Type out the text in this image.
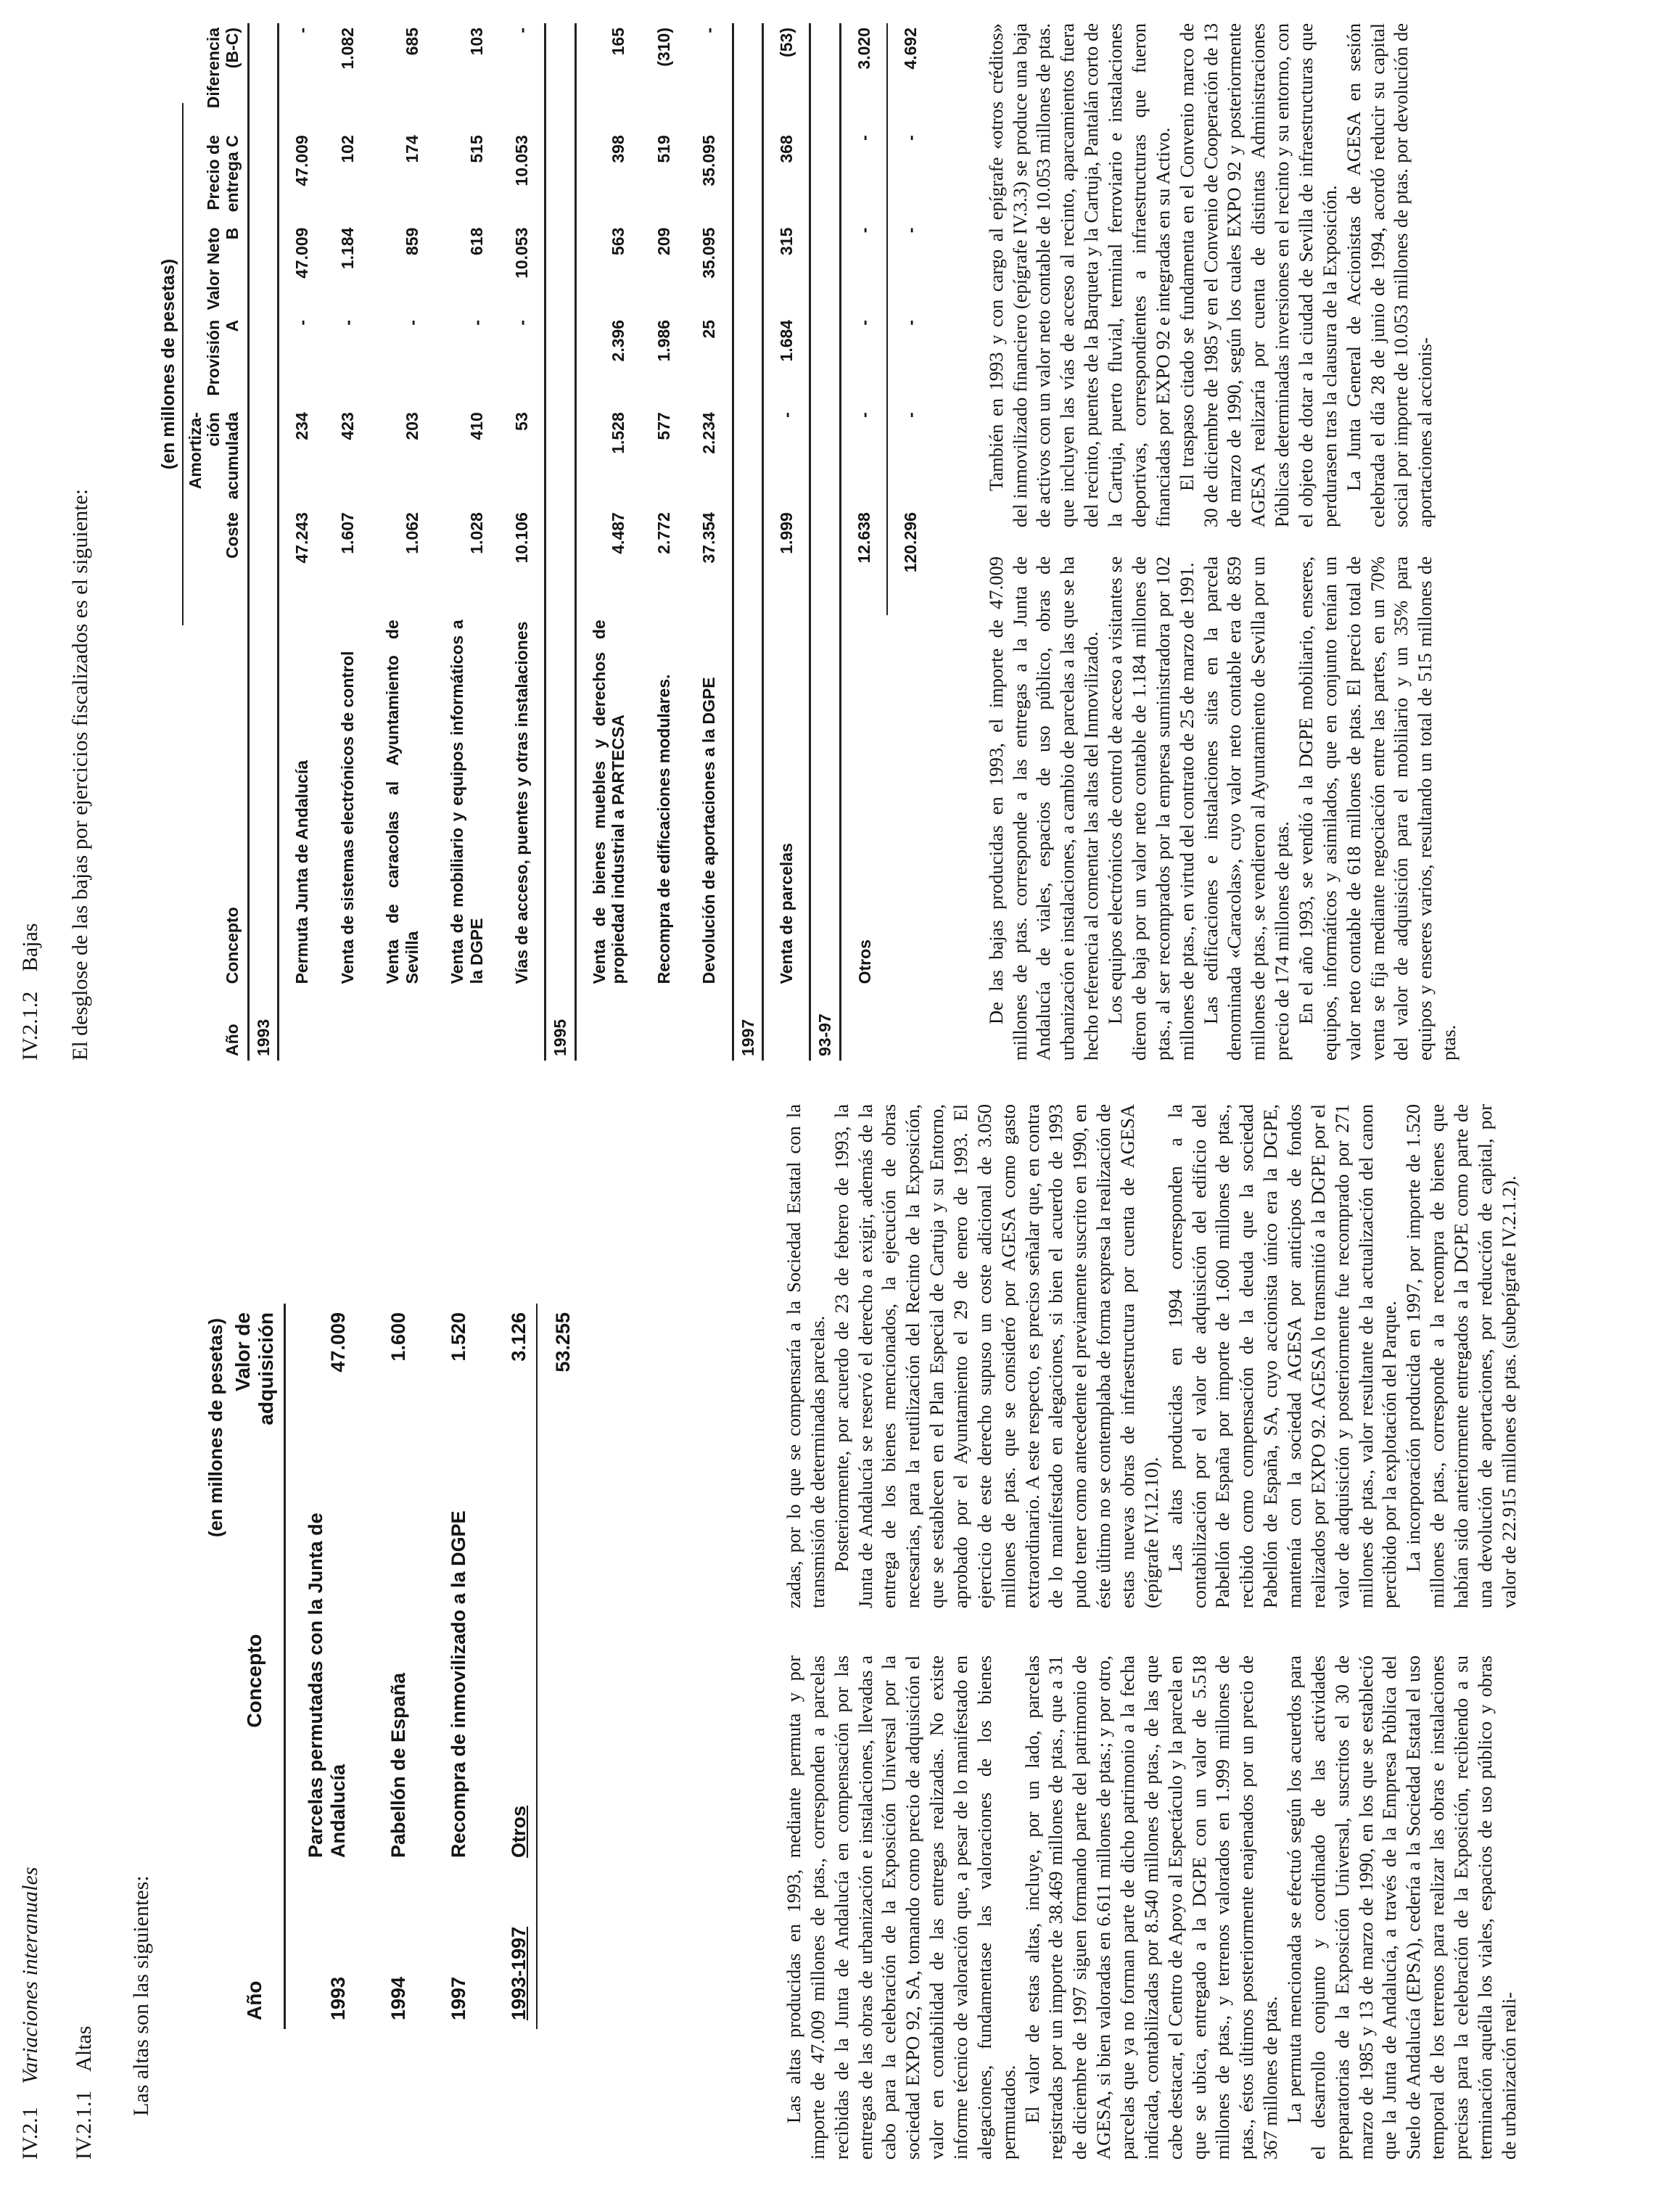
IV.2.1 Variaciones interanuales
IV.2.1.1 Altas Las altas son las siguientes:
(en millones de pesetas)
Año	Concepto	Valor de adquisición
1993	Parcelas permutadas con la Junta de Andalucía	47.009
1994	Pabellón de España	1.600
1997	Recompra de inmovilizado a la DGPE	1.520
1993-1997	Otros	3.126
		53.255

Las altas producidas en 1993, mediante permuta y por importe de 47.009 millones de ptas., corresponden a parcelas recibidas de la Junta de Andalucía en compensación por las entregas de las obras de urbanización e instalaciones, llevadas a cabo para la celebración de la Exposición Universal por la sociedad EXPO 92, SA, tomando como precio de adquisición el valor en contabilidad de las entregas realizadas. No existe informe técnico de valoración que, a pesar de lo manifestado en alegaciones, fundamentase las valoraciones de los bienes permutados. El valor de estas altas, incluye, por un lado, parcelas registradas por un importe de 38.469 millones de ptas., que a 31 de diciembre de 1997 siguen formando parte del patrimonio de AGESA, si bien valoradas en 6.611 millones de ptas.; y por otro, parcelas que ya no forman parte de dicho patrimonio a la fecha indicada, contabilizadas por 8.540 millones de ptas., de las que cabe destacar, el Centro de Apoyo al Espectáculo y la parcela en que se ubica, entregado a la DGPE con un valor de 5.518 millones de ptas., y terrenos valorados en 1.999 millones de ptas., éstos últimos posteriormente enajenados por un precio de 367 millones de ptas. La permuta mencionada se efectuó según los acuerdos para el desarrollo conjunto y coordinado de las actividades preparatorias de la Exposición Universal, suscritos el 30 de marzo de 1985 y 13 de marzo de 1990, en los que se estableció que la Junta de Andalucía, a través de la Empresa Pública del Suelo de Andalucía (EPSA), cedería a la Sociedad Estatal el uso temporal de los terrenos para realizar las obras e instalaciones precisas para la celebración de la Exposición, recibiendo a su terminación aquélla los viales, espacios de uso público y obras de urbanización reali-

zadas, por lo que se compensaría a la Sociedad Estatal con la transmisión de determinadas parcelas. Posteriormente, por acuerdo de 23 de febrero de 1993, la Junta de Andalucía se reservó el derecho a exigir, además de la entrega de los bienes mencionados, la ejecución de obras necesarias, para la reutilización del Recinto de la Exposición, que se establecen en el Plan Especial de Cartuja y su Entorno, aprobado por el Ayuntamiento el 29 de enero de 1993. El ejercicio de este derecho supuso un coste adicional de 3.050 millones de ptas. que se consideró por AGESA como gasto extraordinario. A este respecto, es preciso señalar que, en contra de lo manifestado en alegaciones, si bien el acuerdo de 1993 pudo tener como antecedente el previamente suscrito en 1990, en éste último no se contemplaba de forma expresa la realización de estas nuevas obras de infraestructura por cuenta de AGESA (epígrafe IV.12.10). Las altas producidas en 1994 corresponden a la contabilización por el valor de adquisición del edificio del Pabellón de España por importe de 1.600 millones de ptas., recibido como compensación de la deuda que la sociedad Pabellón de España, SA, cuyo accionista único era la DGPE, mantenía con la sociedad AGESA por anticipos de fondos realizados por EXPO 92. AGESA lo transmitió a la DGPE por el valor de adquisición y posteriormente fue recomprado por 271 millones de ptas., valor resultante de la actualización del canon percibido por la explotación del Parque. La incorporación producida en 1997, por importe de 1.520 millones de ptas., corresponde a la recompra de bienes que habían sido anteriormente entregados a la DGPE como parte de una devolución de aportaciones, por reducción de capital, por valor de 22.915 millones de ptas. (subepígrafe IV.2.1.2).

IV.2.1.2 Bajas El desglose de las bajas por ejercicios fiscalizados es el siguiente:
(en millones de pesetas)
Año	Concepto	Coste	Amortiza-ción acumulada	Provisión A	Valor Neto B	Precio de entrega C	Diferencia (B-C)
1993							
	Permuta Junta de Andalucía	47.243	234	-	47.009	47.009	-
	Venta de sistemas electrónicos de control	1.607	423	-	1.184	102	1.082
	Venta de caracolas al Ayuntamiento de Sevilla	1.062	203	-	859	174	685
	Venta de mobiliario y equipos informáticos a la DGPE	1.028	410	-	618	515	103
	Vías de acceso, puentes y otras instalaciones	10.106	53	-	10.053	10.053	-
1995							
	Venta de bienes muebles y derechos de propiedad industrial a PARTECSA	4.487	1.528	2.396	563	398	165
	Recompra de edificaciones modulares.	2.772	577	1.986	209	519	(310)
	Devolución de aportaciones a la DGPE	37.354	2.234	25	35.095	35.095	-
1997							
	Venta de parcelas	1.999	-	1.684	315	368	(53)
93-97							
	Otros	12.638	-	-	-	-	3.020
		120.296	-	-	-	-	4.692

De las bajas producidas en 1993, el importe de 47.009 millones de ptas. corresponde a las entregas a la Junta de Andalucía de viales, espacios de uso público, obras de urbanización e instalaciones, a cambio de parcelas a las que se ha hecho referencia al comentar las altas del Inmovilizado. Los equipos electrónicos de control de acceso a visitantes se dieron de baja por un valor neto contable de 1.184 millones de ptas., al ser recomprados por la empresa suministradora por 102 millones de ptas., en virtud del contrato de 25 de marzo de 1991. Las edificaciones e instalaciones sitas en la parcela denominada «Caracolas», cuyo valor neto contable era de 859 millones de ptas., se vendieron al Ayuntamiento de Sevilla por un precio de 174 millones de ptas. En el año 1993, se vendió a la DGPE mobiliario, enseres, equipos, informáticos y asimilados, que en conjunto tenían un valor neto contable de 618 millones de ptas. El precio total de venta se fija mediante negociación entre las partes, en un 70% del valor de adquisición para el mobiliario y un 35% para equipos y enseres varios, resultando un total de 515 millones de ptas.

También en 1993 y con cargo al epígrafe «otros créditos» del inmovilizado financiero (epígrafe IV.3.3) se produce una baja de activos con un valor neto contable de 10.053 millones de ptas. que incluyen las vías de acceso al recinto, aparcamientos fuera del recinto, puentes de la Barqueta y la Cartuja, Pantalán corto de la Cartuja, puerto fluvial, terminal ferroviario e instalaciones deportivas, correspondientes a infraestructuras que fueron financiadas por EXPO 92 e integradas en su Activo. El traspaso citado se fundamenta en el Convenio marco de 30 de diciembre de 1985 y en el Convenio de Cooperación de 13 de marzo de 1990, según los cuales EXPO 92 y posteriormente AGESA realizaría por cuenta de distintas Administraciones Públicas determinadas inversiones en el recinto y su entorno, con el objeto de dotar a la ciudad de Sevilla de infraestructuras que perdurasen tras la clausura de la Exposición. La Junta General de Accionistas de AGESA en sesión celebrada el día 28 de junio de 1994, acordó reducir su capital social por importe de 10.053 millones de ptas. por devolución de aportaciones al accionis-
